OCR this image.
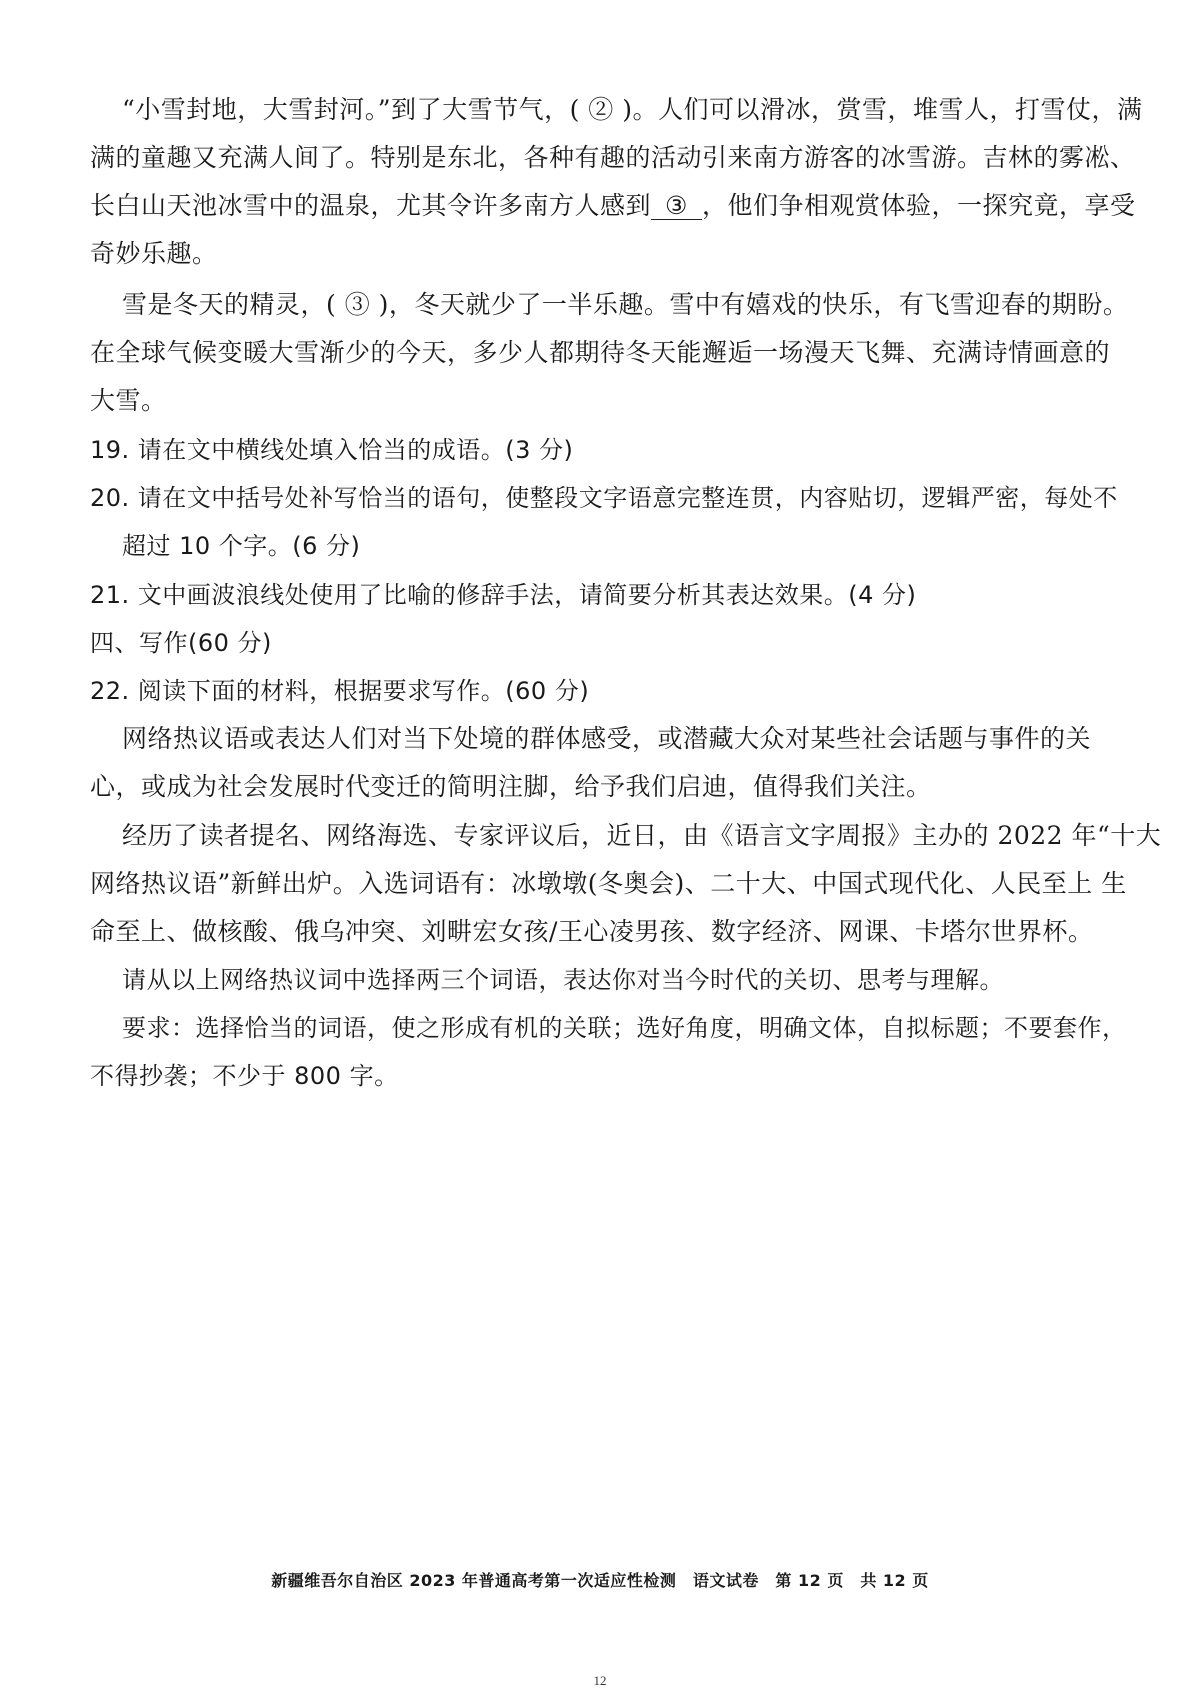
“小雪封地，大雪封河。”到了大雪节气，( ② )。人们可以滑冰，赏雪，堆雪人，打雪仗，满
满的童趣又充满人间了。特别是东北，各种有趣的活动引来南方游客的冰雪游。吉林的雾凇、
长白山天池冰雪中的温泉，尤其令许多南方人感到 ③ ，他们争相观赏体验，一探究竟，享受
奇妙乐趣。
雪是冬天的精灵，( ③ )，冬天就少了一半乐趣。雪中有嬉戏的快乐，有飞雪迎春的期盼。
在全球气候变暖大雪渐少的今天，多少人都期待冬天能邂逅一场漫天飞舞、充满诗情画意的
大雪。
19. 请在文中横线处填入恰当的成语。(3 分)
20. 请在文中括号处补写恰当的语句，使整段文字语意完整连贯，内容贴切，逻辑严密，每处不
超过 10 个字。(6 分)
21. 文中画波浪线处使用了比喻的修辞手法，请简要分析其表达效果。(4 分)
四、写作(60 分)
22. 阅读下面的材料，根据要求写作。(60 分)
网络热议语或表达人们对当下处境的群体感受，或潜藏大众对某些社会话题与事件的关
心，或成为社会发展时代变迁的简明注脚，给予我们启迪，值得我们关注。
经历了读者提名、网络海选、专家评议后，近日，由《语言文字周报》主办的 2022 年“十大
网络热议语”新鲜出炉。入选词语有：冰墩墩(冬奥会)、二十大、中国式现代化、人民至上 生
命至上、做核酸、俄乌冲突、刘畊宏女孩/王心凌男孩、数字经济、网课、卡塔尔世界杯。
请从以上网络热议词中选择两三个词语，表达你对当今时代的关切、思考与理解。
要求：选择恰当的词语，使之形成有机的关联；选好角度，明确文体，自拟标题；不要套作，
不得抄袭；不少于 800 字。
新疆维吾尔自治区 2023 年普通高考第一次适应性检测　语文试卷　第 12 页　共 12 页
12
